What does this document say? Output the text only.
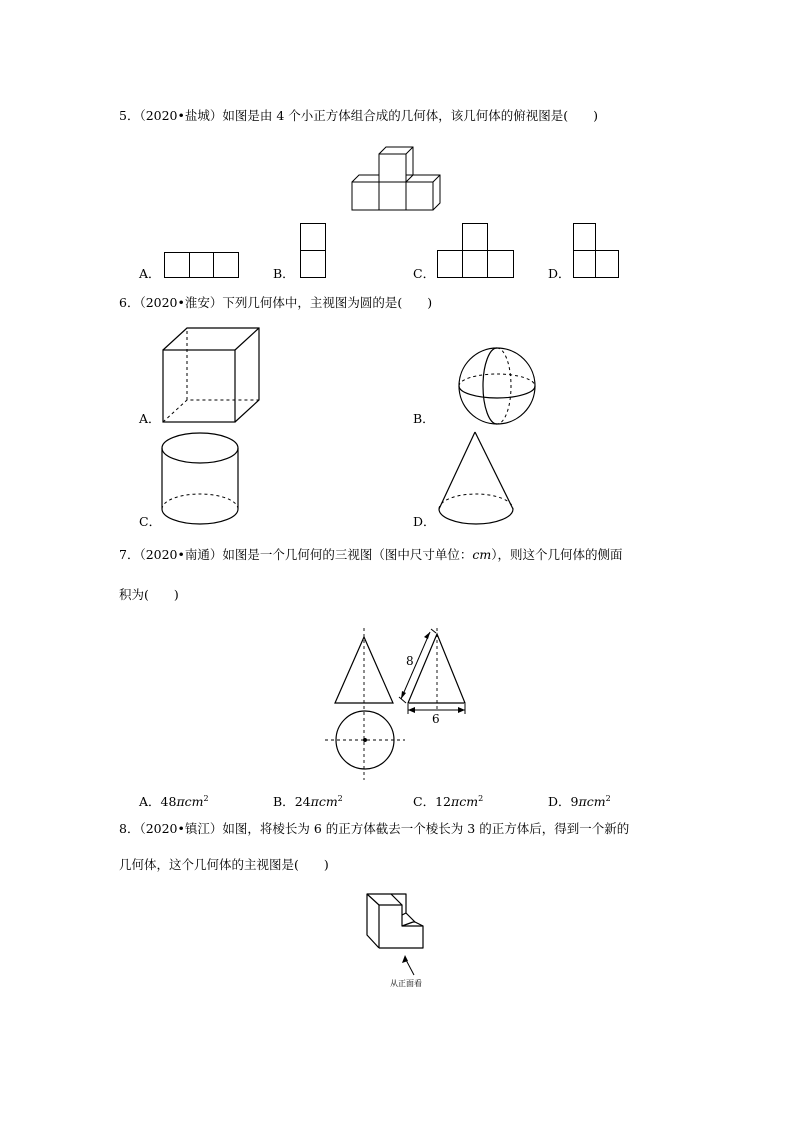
5．（2020•盐城）如图是由 4 个小正方体组合成的几何体，该几何体的俯视图是(　　)
A．	B．	C．	D．
6．（2020•淮安）下列几何体中，主视图为圆的是(　　)
A．	B．
C．	D．
7．（2020•南通）如图是一个几何何的三视图（图中尺寸单位：cm），则这个几何体的侧面
积为(　　)
8
6
A．48πcm$^2$	B．24πcm$^2$	C．12πcm$^2$	D．9πcm$^2$
8．（2020•镇江）如图，将棱长为 6 的正方体截去一个棱长为 3 的正方体后，得到一个新的
几何体，这个几何体的主视图是(　　)
从正面看
